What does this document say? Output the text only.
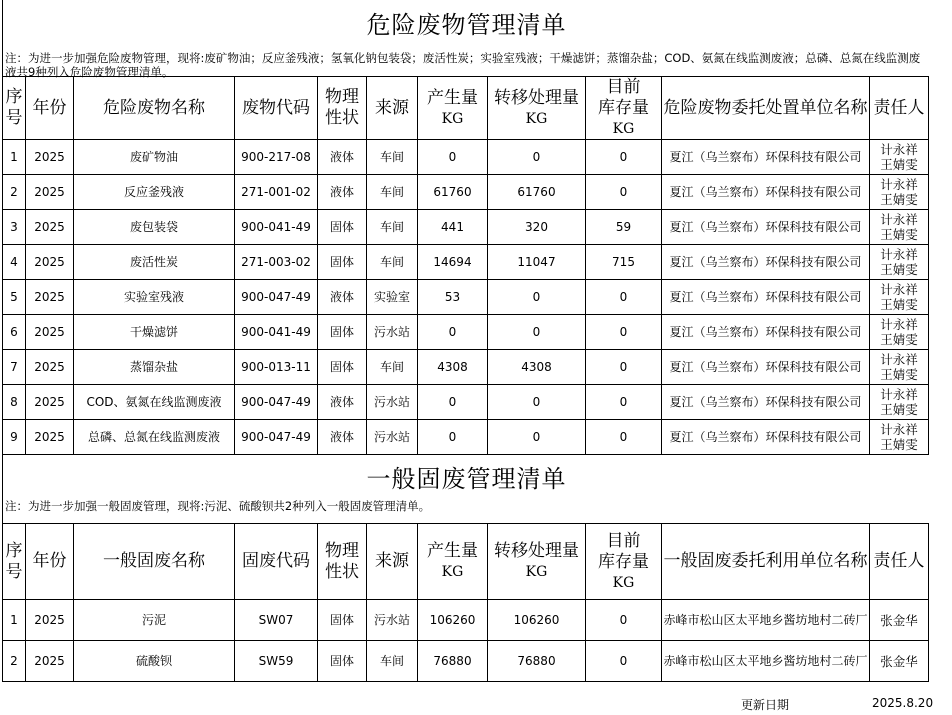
危险废物管理清单
注：为进一步加强危险废物管理，现将:废矿物油；反应釜残液；氢氧化钠包装袋；废活性炭；实验室残液；干燥滤饼；蒸馏杂盐；COD、氨氮在线监测废液；总磷、总氮在线监测废液共9种列入危险废物管理清单。
序
号	年份	危险废物名称	废物代码	物理
性状	来源	产生量
KG	转移处理量
KG	目前
库存量
KG	危险废物委托处置单位名称	责任人
1	2025	废矿物油	900-217-08	液体	车间	0	0	0	夏江（乌兰察布）环保科技有限公司	计永祥
王婧雯

2	2025	反应釜残液	271-001-02	液体	车间	61760	61760	0	夏江（乌兰察布）环保科技有限公司	计永祥
王婧雯

3	2025	废包装袋	900-041-49	固体	车间	441	320	59	夏江（乌兰察布）环保科技有限公司	计永祥
王婧雯

4	2025	废活性炭	271-003-02	固体	车间	14694	11047	715	夏江（乌兰察布）环保科技有限公司	计永祥
王婧雯

5	2025	实验室残液	900-047-49	液体	实验室	53	0	0	夏江（乌兰察布）环保科技有限公司	计永祥
王婧雯

6	2025	干燥滤饼	900-041-49	固体	污水站	0	0	0	夏江（乌兰察布）环保科技有限公司	计永祥
王婧雯

7	2025	蒸馏杂盐	900-013-11	固体	车间	4308	4308	0	夏江（乌兰察布）环保科技有限公司	计永祥
王婧雯

8	2025	COD、氨氮在线监测废液	900-047-49	液体	污水站	0	0	0	夏江（乌兰察布）环保科技有限公司	计永祥
王婧雯

9	2025	总磷、总氮在线监测废液	900-047-49	液体	污水站	0	0	0	夏江（乌兰察布）环保科技有限公司	计永祥
王婧雯
一般固废管理清单
注：为进一步加强一般固废管理，现将:污泥、硫酸钡共2种列入一般固废管理清单。
序
号	年份	一般固废名称	固废代码	物理
性状	来源	产生量
KG	转移处理量
KG	目前
库存量
KG	一般固废委托利用单位名称	责任人
1	2025	污泥	SW07	固体	污水站	106260	106260	0	赤峰市松山区太平地乡酱坊地村二砖厂	张金华
2	2025	硫酸钡	SW59	固体	车间	76880	76880	0	赤峰市松山区太平地乡酱坊地村二砖厂	张金华
更新日期	2025.8.20
